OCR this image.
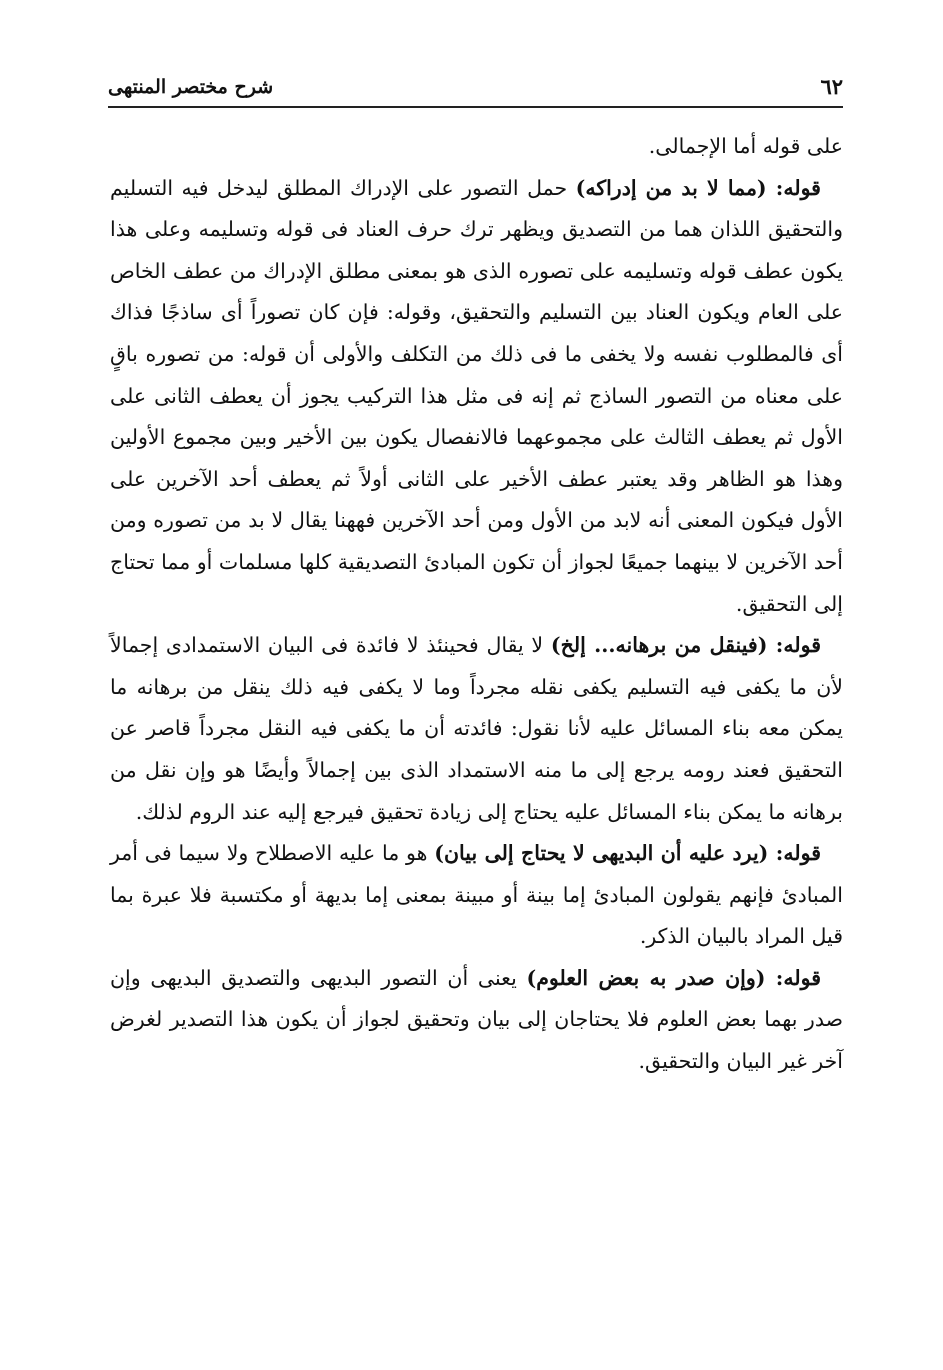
٦٢
شرح مختصر المنتهى

على قوله أما الإجمالى.

قوله: (مما لا بد من إدراكه) حمل التصور على الإدراك المطلق ليدخل فيه التسليم والتحقيق اللذان هما من التصديق ويظهر ترك حرف العناد فى قوله وتسليمه وعلى هذا يكون عطف قوله وتسليمه على تصوره الذى هو بمعنى مطلق الإدراك من عطف الخاص على العام ويكون العناد بين التسليم والتحقيق، وقوله: فإن كان تصوراً أى ساذجًا فذاك أى فالمطلوب نفسه ولا يخفى ما فى ذلك من التكلف والأولى أن قوله: من تصوره باقٍ على معناه من التصور الساذج ثم إنه فى مثل هذا التركيب يجوز أن يعطف الثانى على الأول ثم يعطف الثالث على مجموعهما فالانفصال يكون بين الأخير وبين مجموع الأولين وهذا هو الظاهر وقد يعتبر عطف الأخير على الثانى أولاً ثم يعطف أحد الآخرين على الأول فيكون المعنى أنه لابد من الأول ومن أحد الآخرين فههنا يقال لا بد من تصوره ومن أحد الآخرين لا بينهما جميعًا لجواز أن تكون المبادئ التصديقية كلها مسلمات أو مما تحتاج إلى التحقيق.

قوله: (فينقل من برهانه... إلخ) لا يقال فحينئذ لا فائدة فى البيان الاستمدادى إجمالاً لأن ما يكفى فيه التسليم يكفى نقله مجرداً وما لا يكفى فيه ذلك ينقل من برهانه ما يمكن معه بناء المسائل عليه لأنا نقول: فائدته أن ما يكفى فيه النقل مجرداً قاصر عن التحقيق فعند رومه يرجع إلى ما منه الاستمداد الذى بين إجمالاً وأيضًا هو وإن نقل من برهانه ما يمكن بناء المسائل عليه يحتاج إلى زيادة تحقيق فيرجع إليه عند الروم لذلك.

قوله: (يرد عليه أن البديهى لا يحتاج إلى بيان) هو ما عليه الاصطلاح ولا سيما فى أمر المبادئ فإنهم يقولون المبادئ إما بينة أو مبينة بمعنى إما بديهة أو مكتسبة فلا عبرة بما قيل المراد بالبيان الذكر.

قوله: (وإن صدر به بعض العلوم) يعنى أن التصور البديهى والتصديق البديهى وإن صدر بهما بعض العلوم فلا يحتاجان إلى بيان وتحقيق لجواز أن يكون هذا التصدير لغرض آخر غير البيان والتحقيق.
